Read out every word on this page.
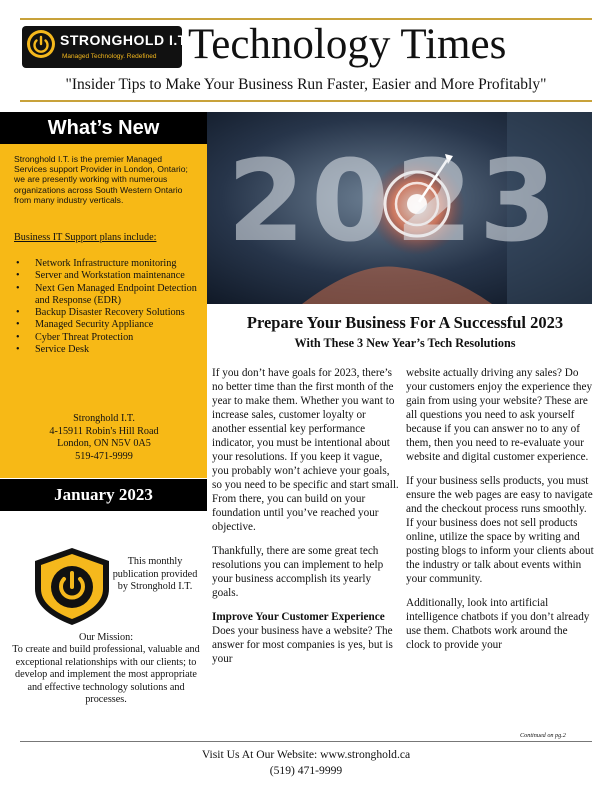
STRONGHOLD I.T.
Managed Technology. Redefined Technology Times
"Insider Tips to Make Your Business Run Faster, Easier and More Profitably"
What’s New
Stronghold I.T. is the premier Managed Services support Provider in London, Ontario; we are presently working with numerous organizations across South Western Ontario from many industry verticals.
Business IT Support plans include:
• Network Infrastructure monitoring
• Server and Workstation maintenance
• Next Gen Managed Endpoint Detection and Response (EDR)
• Backup Disaster Recovery Solutions
• Managed Security Appliance
• Cyber Threat Protection
• Service Desk
Stronghold I.T.
4-15911 Robin's Hill Road
London, ON N5V 0A5
519-471-9999
January 2023
This monthly publication provided by Stronghold I.T.
Our Mission:
To create and build professional, valuable and exceptional relationships with our clients; to develop and implement the most appropriate and effective technology solutions and processes.
2023
Prepare Your Business For A Successful 2023
With These 3 New Year’s Tech Resolutions

If you don’t have goals for 2023, there’s no better time than the first month of the year to make them. Whether you want to increase sales, customer loyalty or another essential key performance indicator, you must be intentional about your resolutions. If you keep it vague, you probably won’t achieve your goals, so you need to be specific and start small. From there, you can build on your foundation until you’ve reached your objective.

Thankfully, there are some great tech resolutions you can implement to help your business accomplish its yearly goals.

Improve Your Customer Experience

Does your business have a website? The answer for most companies is yes, but is your

website actually driving any sales? Do your customers enjoy the experience they gain from using your website? These are all questions you need to ask yourself because if you can answer no to any of them, then you need to re-evaluate your website and digital customer experience.

If your business sells products, you must ensure the web pages are easy to navigate and the checkout process runs smoothly. If your business does not sell products online, utilize the space by writing and posting blogs to inform your clients about the industry or talk about events within your community.

Additionally, look into artificial intelligence chatbots if you don’t already use them. Chatbots work around the clock to provide your

Continued on pg.2
Visit Us At Our Website: www.stronghold.ca
(519) 471-9999
